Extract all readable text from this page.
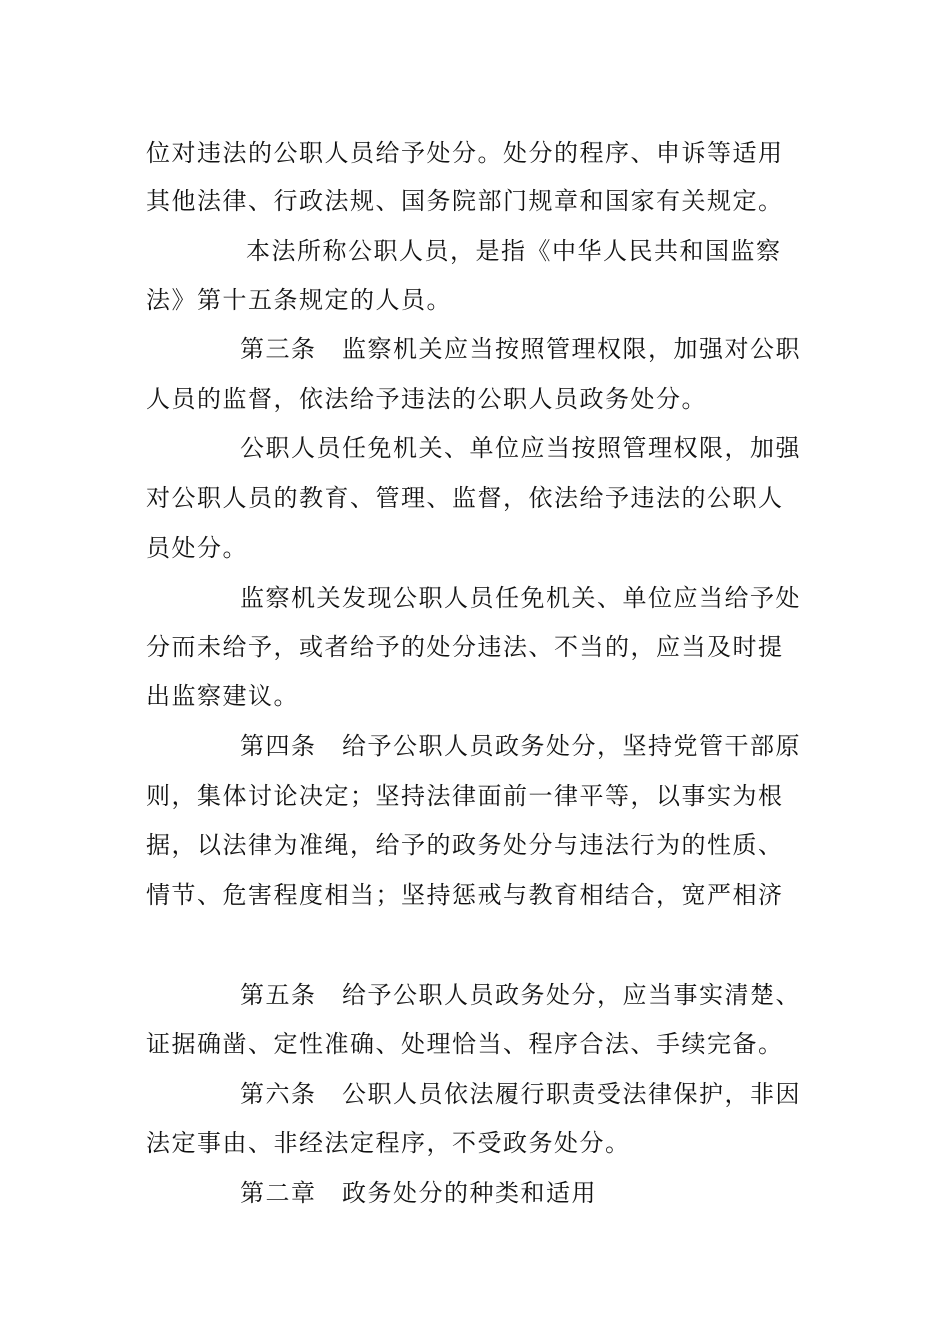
位对违法的公职人员给予处分。处分的程序、申诉等适用
其他法律、行政法规、国务院部门规章和国家有关规定。
本法所称公职人员，是指《中华人民共和国监察
法》第十五条规定的人员。
第三条　监察机关应当按照管理权限，加强对公职
人员的监督，依法给予违法的公职人员政务处分。
公职人员任免机关、单位应当按照管理权限，加强
对公职人员的教育、管理、监督，依法给予违法的公职人
员处分。
监察机关发现公职人员任免机关、单位应当给予处
分而未给予，或者给予的处分违法、不当的，应当及时提
出监察建议。
第四条　给予公职人员政务处分，坚持党管干部原
则，集体讨论决定；坚持法律面前一律平等，以事实为根
据，以法律为准绳，给予的政务处分与违法行为的性质、
情节、危害程度相当；坚持惩戒与教育相结合，宽严相济
第五条　给予公职人员政务处分，应当事实清楚、
证据确凿、定性准确、处理恰当、程序合法、手续完备。
第六条　公职人员依法履行职责受法律保护，非因
法定事由、非经法定程序，不受政务处分。
第二章　政务处分的种类和适用
